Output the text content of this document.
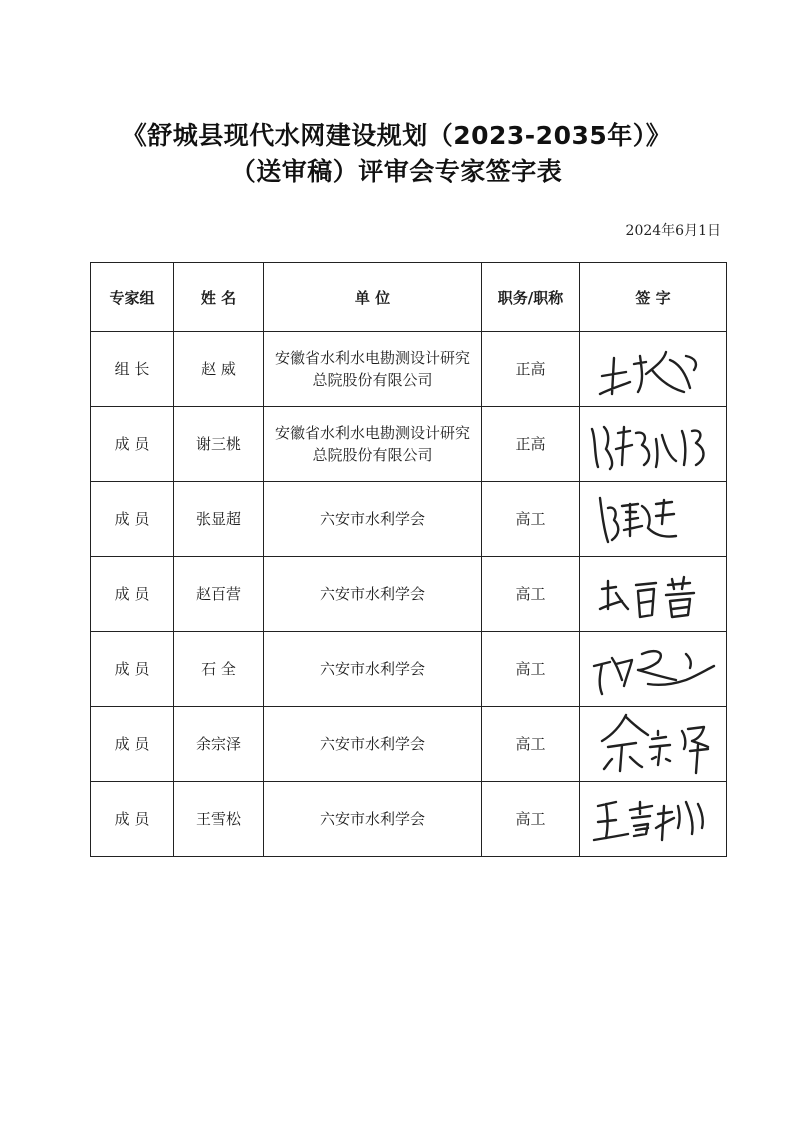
《舒城县现代水网建设规划（2023-2035年）》
（送审稿）评审会专家签字表
2024年6月1日
专家组	姓 名	单 位	职务/职称	签 字
组 长	赵 威	安徽省水利水电勘测设计研究总院股份有限公司	正高	

成 员	谢三桃	安徽省水利水电勘测设计研究总院股份有限公司	正高	

成 员	张显超	六安市水利学会	高工	

成 员	赵百营	六安市水利学会	高工	

成 员	石 全	六安市水利学会	高工	

成 员	余宗泽	六安市水利学会	高工	

成 员	王雪松	六安市水利学会	高工	
